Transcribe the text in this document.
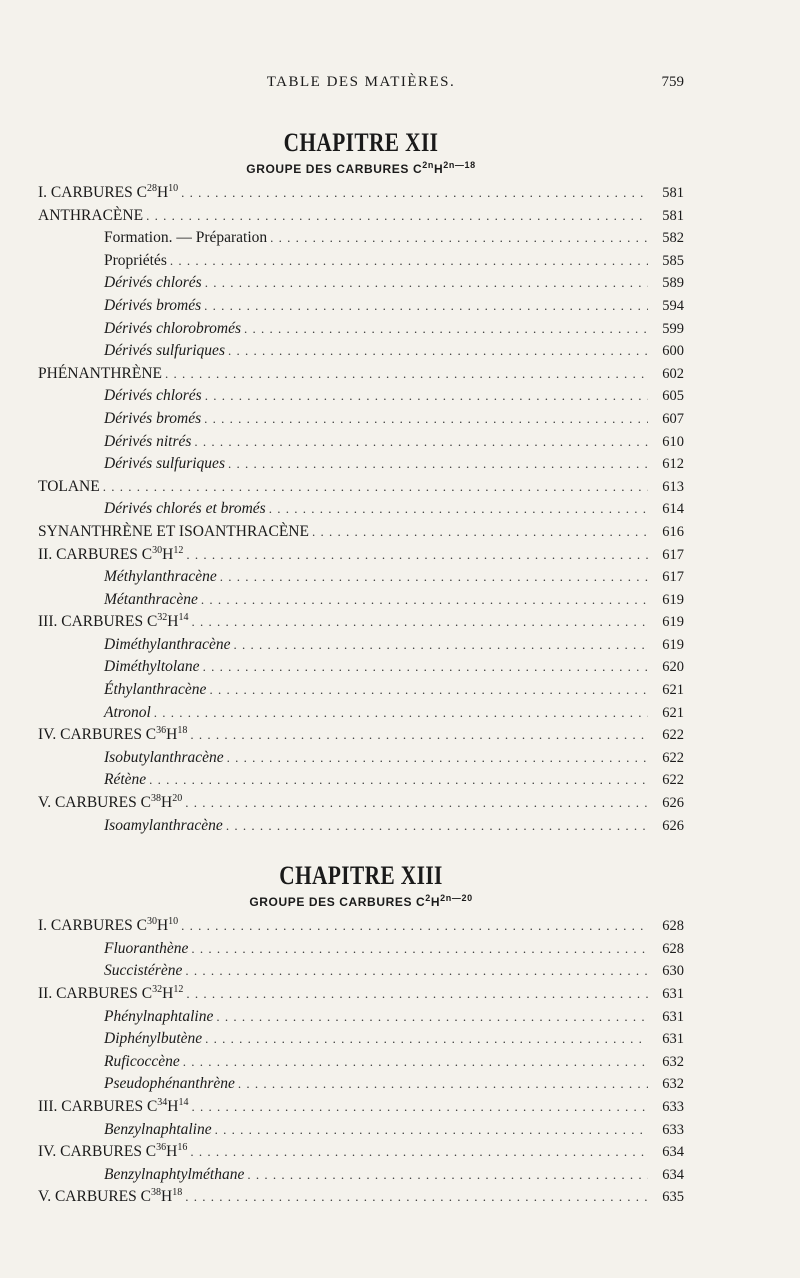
TABLE DES MATIÈRES.	759
CHAPITRE XII
GROUPE DES CARBURES $C^{2n}H^{2n—18}$
I. CARBURES $C^{28}H^{10}$ . . .	581
ANTHRACÈNE . . .	581
Formation. — Préparation . . .	582
Propriétés . . .	585
Dérivés chlorés . . .	589
Dérivés bromés . . .	594
Dérivés chlorobromés . . .	599
Dérivés sulfuriques . . .	600
PHÉNANTHRÈNE . . .	602
Dérivés chlorés . . .	605
Dérivés bromés . . .	607
Dérivés nitrés . . .	610
Dérivés sulfuriques . . .	612
TOLANE . . .	613
Dérivés chlorés et bromés . . .	614
SYNANTHRÈNE ET ISOANTHRACÈNE . . .	616
II. CARBURES $C^{30}H^{12}$ . . .	617
Méthylanthracène . . .	617
Métanthracène . . .	619
III. CARBURES $C^{32}H^{14}$ . . .	619
Diméthylanthracène . . .	619
Diméthyltolane . . .	620
Éthylanthracène . . .	621
Atronol . . .	621
IV. CARBURES $C^{36}H^{18}$ . . .	622
Isobutylanthracène . . .	622
Rétène . . .	622
V. CARBURES $C^{38}H^{20}$ . . .	626
Isoamylanthracène . . .	626
CHAPITRE XIII
GROUPE DES CARBURES $C^2H^{2n—20}$
I. CARBURES $C^{30}H^{10}$ . . .	628
Fluoranthène . . .	628
Succistérène . . .	630
II. CARBURES $C^{32}H^{12}$ . . .	631
Phénylnaphtaline . . .	631
Diphénylbutène . . .	631
Ruficoccène . . .	632
Pseudophénanthrène . . .	632
III. CARBURES $C^{34}H^{14}$ . . .	633
Benzylnaphtaline . . .	633
IV. CARBURES $C^{36}H^{16}$ . . .	634
Benzylnaphtylméthane . . .	634
V. CARBURES $C^{38}H^{18}$ . . .	635
